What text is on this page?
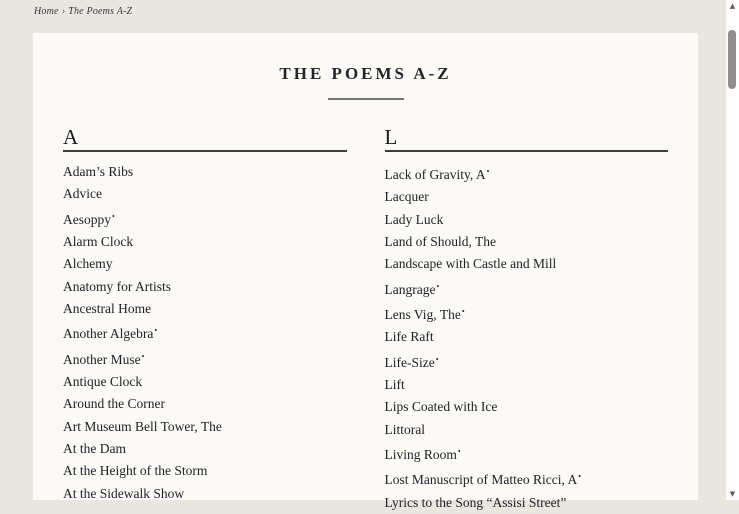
Home › The Poems A-Z
THE POEMS A-Z
A
Adam’s Ribs
Advice
Aesoppy•
Alarm Clock
Alchemy
Anatomy for Artists
Ancestral Home
Another Algebra•
Another Muse•
Antique Clock
Around the Corner
Art Museum Bell Tower, The
At the Dam
At the Height of the Storm
At the Sidewalk Show
L
Lack of Gravity, A•
Lacquer
Lady Luck
Land of Should, The
Landscape with Castle and Mill
Langrage•
Lens Vig, The•
Life Raft
Life-Size•
Lift
Lips Coated with Ice
Littoral
Living Room•
Lost Manuscript of Matteo Ricci, A•
Lyrics to the Song “Assisi Street”
▲
▼
